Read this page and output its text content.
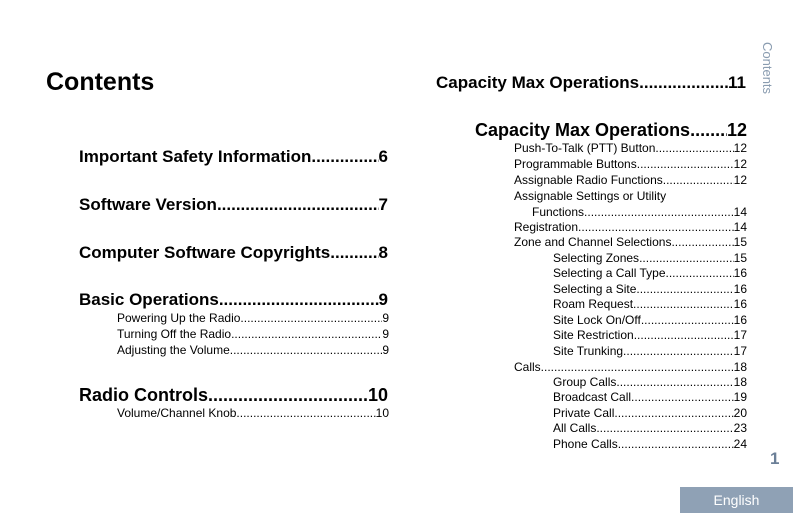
Contents	Contents
1
English
Important Safety Information .....	6
Software Version .....	7
Computer Software Copyrights .....	8
Basic Operations .....	9
Powering Up the Radio .....	9
Turning Off the Radio .....	9
Adjusting the Volume .....	9
Radio Controls .....	10
Volume/Channel Knob .....	10
Capacity Max Operations .....	11
Capacity Max Operations ..... 12
Push-To-Talk (PTT) Button .....	12
Programmable Buttons .....	12
Assignable Radio Functions .....	12
Assignable Settings or Utility
Functions .....	14
Registration .....	14
Zone and Channel Selections .....	15
Selecting Zones .....	15
Selecting a Call Type .....	16
Selecting a Site .....	16
Roam Request .....	16
Site Lock On/Off .....	16
Site Restriction .....	17
Site Trunking .....	17
Calls .....	18
Group Calls .....	18
Broadcast Call .....	19
Private Call .....	20
All Calls .....	23
Phone Calls .....	24
